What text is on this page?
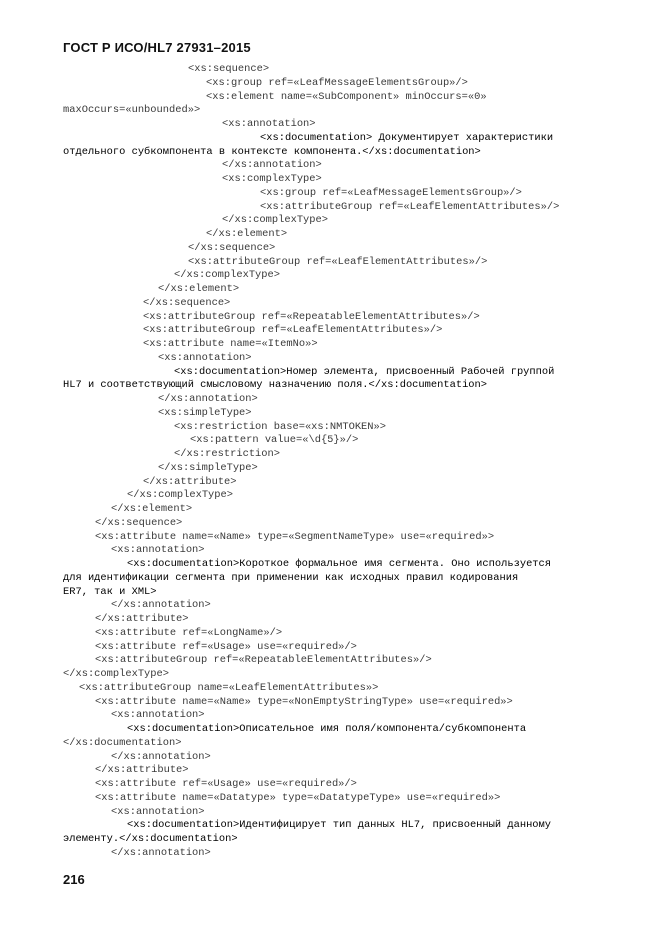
ГОСТ Р ИСО/HL7 27931–2015
<xs:sequence>
<xs:group ref=«LeafMessageElementsGroup»/>
<xs:element name=«SubComponent» minOccurs=«0»
maxOccurs=«unbounded»>
<xs:annotation>
<xs:documentation> Документирует характеристики
отдельного субкомпонента в контексте компонента.</xs:documentation>
</xs:annotation>
<xs:complexType>
<xs:group ref=«LeafMessageElementsGroup»/>
<xs:attributeGroup ref=«LeafElementAttributes»/>
</xs:complexType>
</xs:element>
</xs:sequence>
<xs:attributeGroup ref=«LeafElementAttributes»/>
</xs:complexType>
</xs:element>
</xs:sequence>
<xs:attributeGroup ref=«RepeatableElementAttributes»/>
<xs:attributeGroup ref=«LeafElementAttributes»/>
<xs:attribute name=«ItemNo»>
<xs:annotation>
<xs:documentation>Номер элемента, присвоенный Рабочей группой
HL7 и соответствующий смысловому назначению поля.</xs:documentation>
</xs:annotation>
<xs:simpleType>
<xs:restriction base=«xs:NMTOKEN»>
<xs:pattern value=«\d{5}»/>
</xs:restriction>
</xs:simpleType>
</xs:attribute>
</xs:complexType>
</xs:element>
</xs:sequence>
<xs:attribute name=«Name» type=«SegmentNameType» use=«required»>
<xs:annotation>
<xs:documentation>Короткое формальное имя сегмента. Оно используется
для идентификации сегмента при применении как исходных правил кодирования
ER7, так и XML>
</xs:annotation>
</xs:attribute>
<xs:attribute ref=«LongName»/>
<xs:attribute ref=«Usage» use=«required»/>
<xs:attributeGroup ref=«RepeatableElementAttributes»/>
</xs:complexType>
<xs:attributeGroup name=«LeafElementAttributes»>
<xs:attribute name=«Name» type=«NonEmptyStringType» use=«required»>
<xs:annotation>
<xs:documentation>Описательное имя поля/компонента/субкомпонента
</xs:documentation>
</xs:annotation>
</xs:attribute>
<xs:attribute ref=«Usage» use=«required»/>
<xs:attribute name=«Datatype» type=«DatatypeType» use=«required»>
<xs:annotation>
<xs:documentation>Идентифицирует тип данных HL7, присвоенный данному
элементу.</xs:documentation>
</xs:annotation>
216
